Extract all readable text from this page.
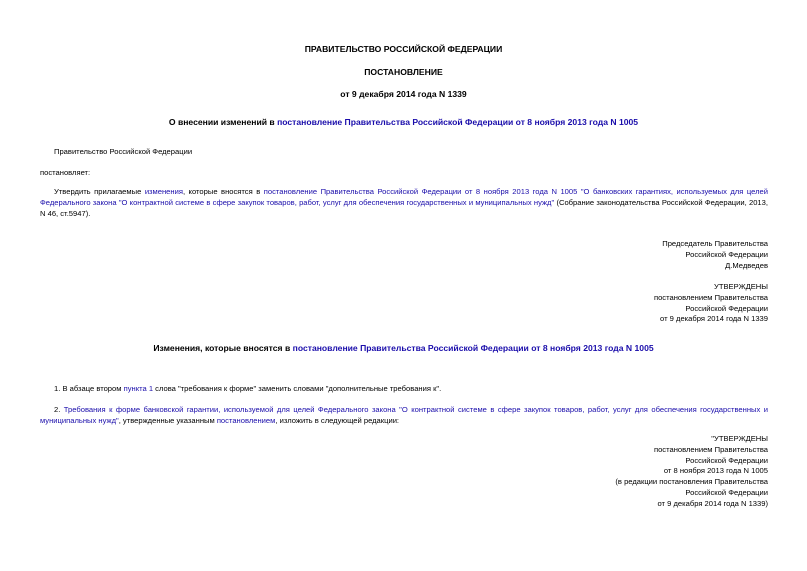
ПРАВИТЕЛЬСТВО РОССИЙСКОЙ ФЕДЕРАЦИИ
ПОСТАНОВЛЕНИЕ
от 9 декабря 2014 года N 1339
О внесении изменений в постановление Правительства Российской Федерации от 8 ноября 2013 года N 1005
Правительство Российской Федерации
постановляет:
Утвердить прилагаемые изменения, которые вносятся в постановление Правительства Российской Федерации от 8 ноября 2013 года N 1005 "О банковских гарантиях, используемых для целей Федерального закона "О контрактной системе в сфере закупок товаров, работ, услуг для обеспечения государственных и муниципальных нужд" (Собрание законодательства Российской Федерации, 2013, N 46, ст.5947).
Председатель Правительства
Российской Федерации
Д.Медведев
УТВЕРЖДЕНЫ
постановлением Правительства
Российской Федерации
от 9 декабря 2014 года N 1339
Изменения, которые вносятся в постановление Правительства Российской Федерации от 8 ноября 2013 года N 1005
1. В абзаце втором пункта 1 слова "требования к форме" заменить словами "дополнительные требования к".
2. Требования к форме банковской гарантии, используемой для целей Федерального закона "О контрактной системе в сфере закупок товаров, работ, услуг для обеспечения государственных и муниципальных нужд", утвержденные указанным постановлением, изложить в следующей редакции:
"УТВЕРЖДЕНЫ
постановлением Правительства
Российской Федерации
от 8 ноября 2013 года N 1005
(в редакции постановления Правительства
Российской Федерации
от 9 декабря 2014 года N 1339)
